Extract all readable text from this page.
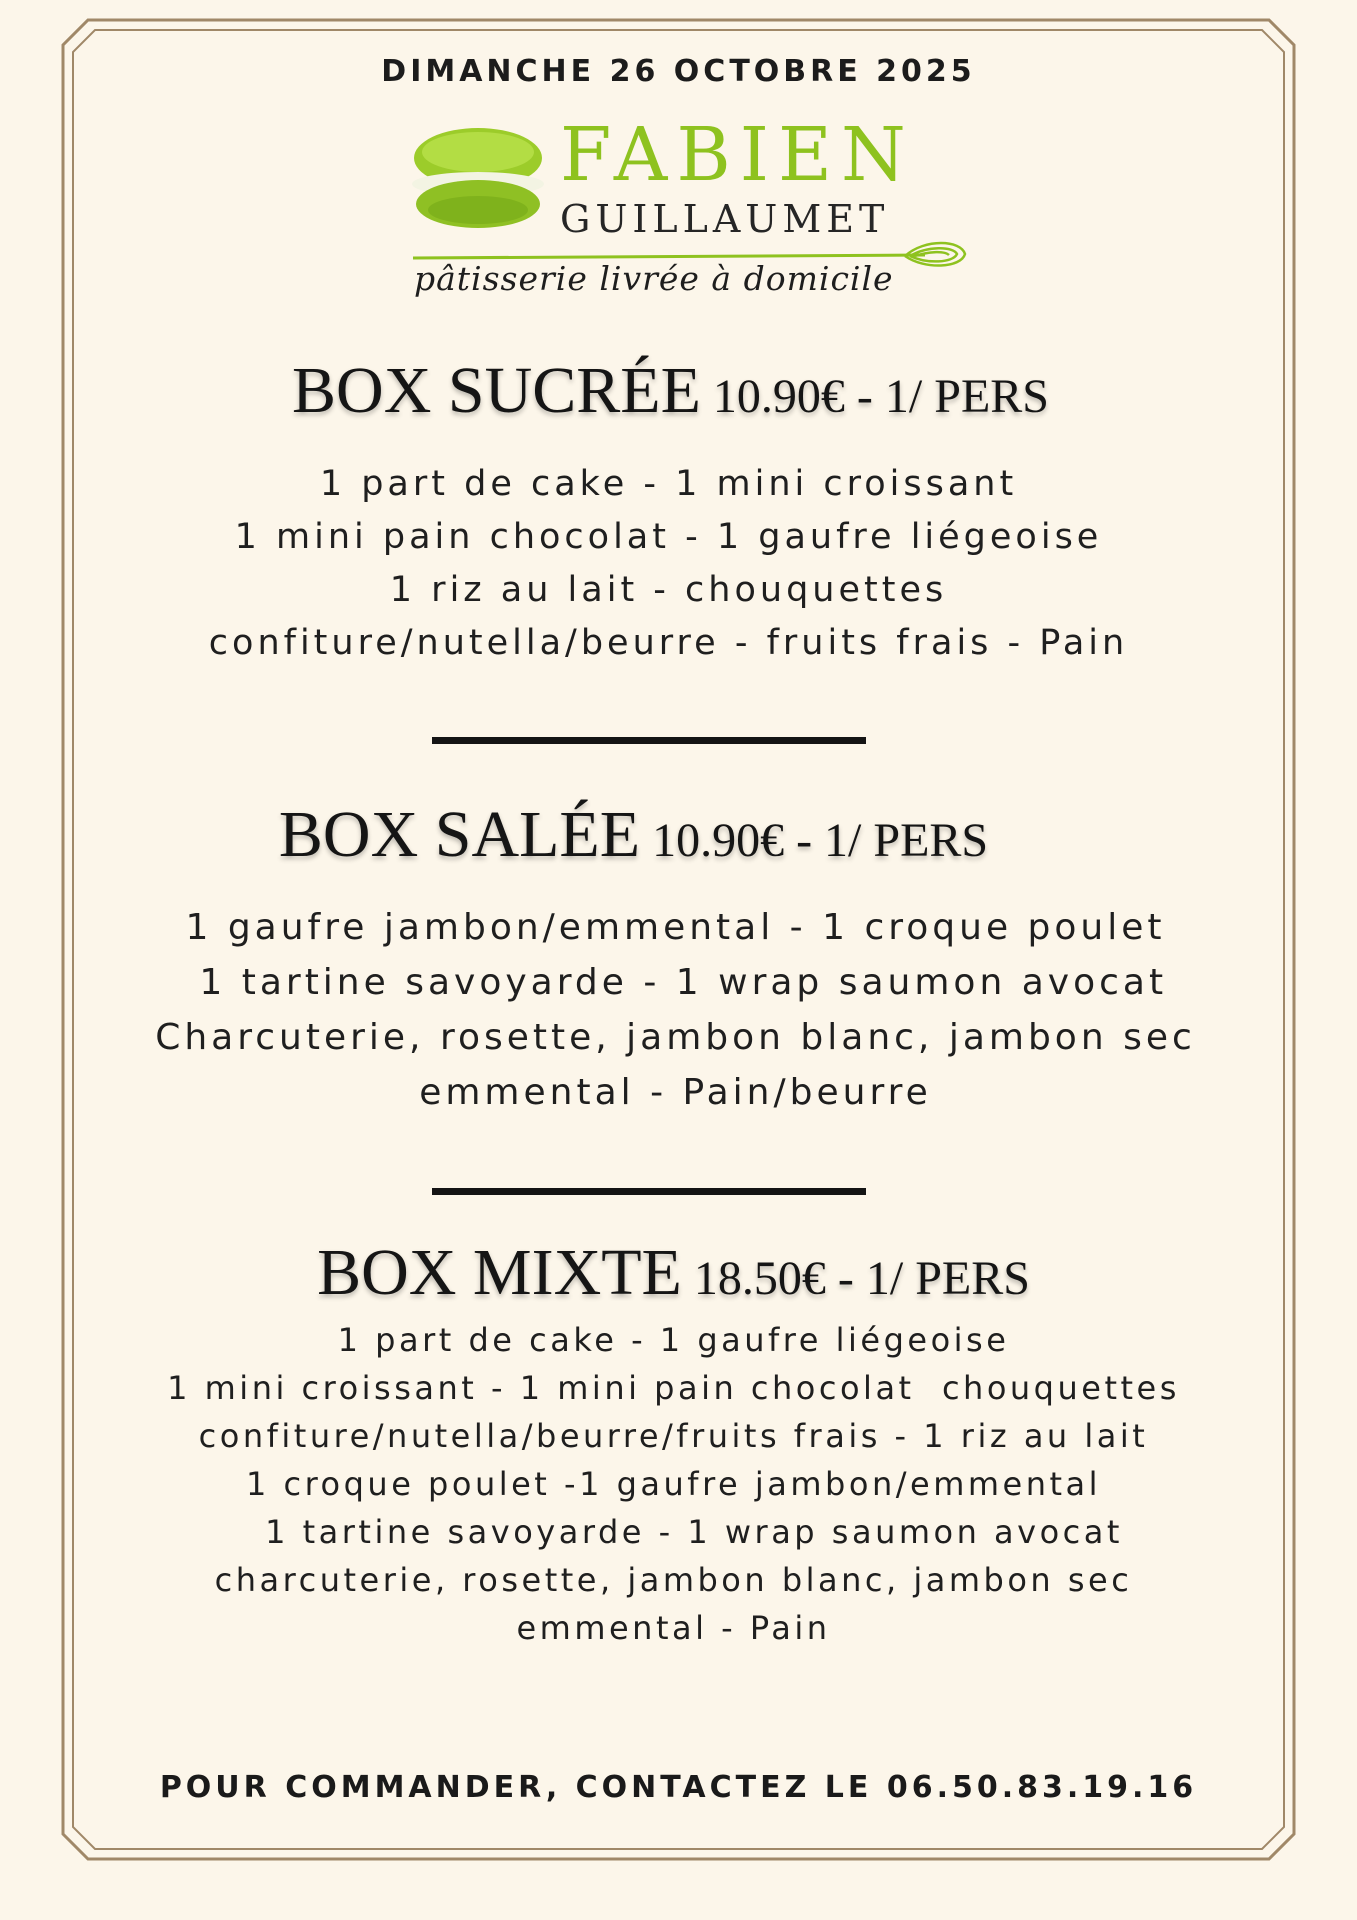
DIMANCHE 26 OCTOBRE 2025
FABIEN
GUILLAUMET
pâtisserie livrée à domicile
BOX SUCRÉE 10.90€ - 1/ PERS
1 part de cake - 1 mini croissant
1 mini pain chocolat - 1 gaufre liégeoise
1 riz au lait - chouquettes
confiture/nutella/beurre - fruits frais - Pain
BOX SALÉE 10.90€ - 1/ PERS
1 gaufre jambon/emmental - 1 croque poulet
1 tartine savoyarde - 1 wrap saumon avocat
Charcuterie, rosette, jambon blanc, jambon sec
emmental - Pain/beurre
BOX MIXTE 18.50€ - 1/ PERS
1 part de cake - 1 gaufre liégeoise
1 mini croissant - 1 mini pain chocolat  chouquettes
confiture/nutella/beurre/fruits frais - 1 riz au lait
1 croque poulet -1 gaufre jambon/emmental
1 tartine savoyarde - 1 wrap saumon avocat
charcuterie, rosette, jambon blanc, jambon sec
emmental - Pain
POUR COMMANDER, CONTACTEZ LE 06.50.83.19.16
